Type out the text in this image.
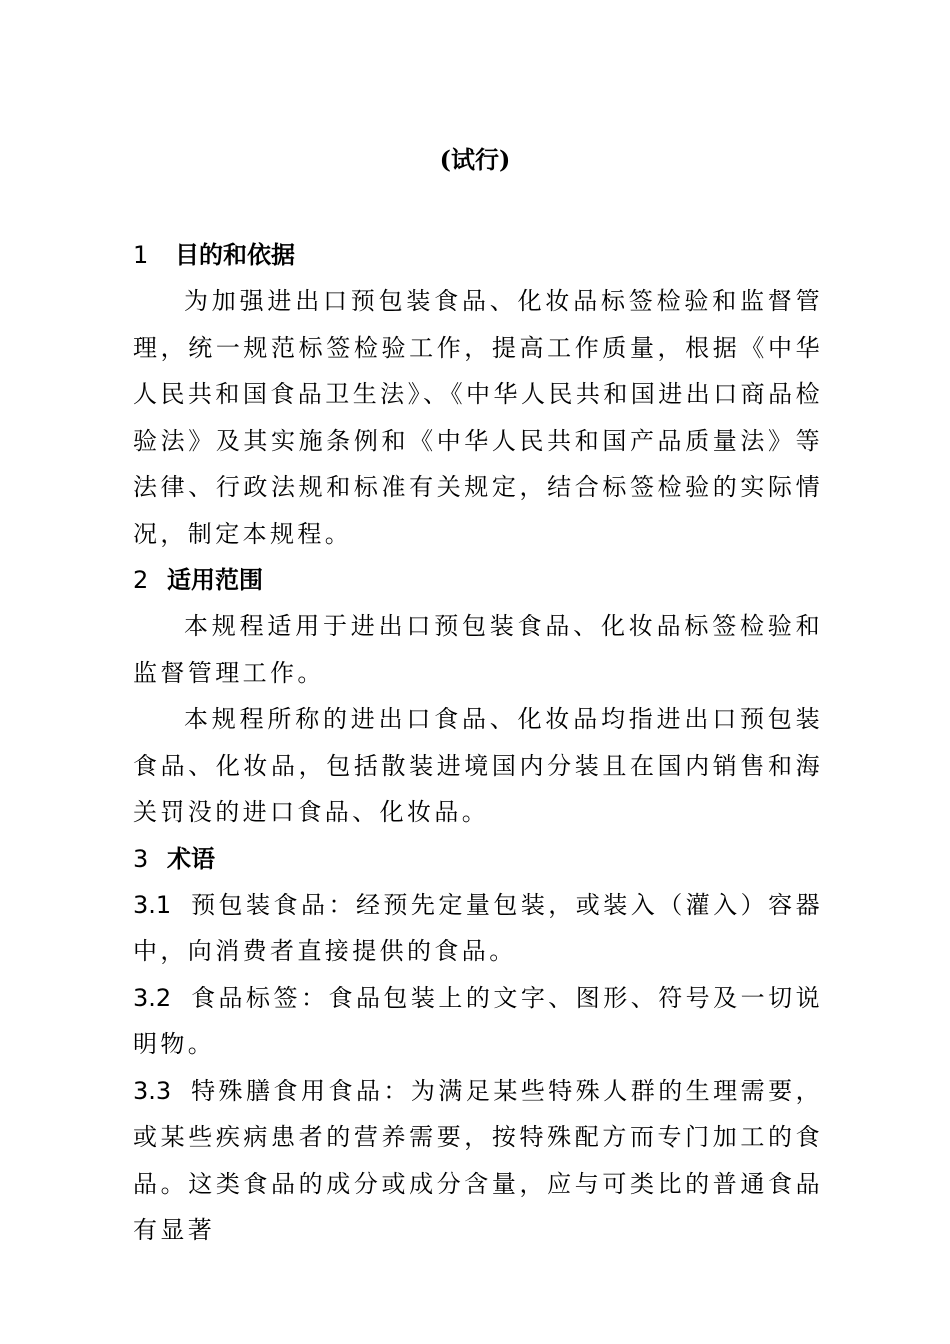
(试行)
1 目的和依据

为加强进出口预包装食品、化妆品标签检验和监督管理，统一规范标签检验工作，提高工作质量，根据《中华人民共和国食品卫生法》、《中华人民共和国进出口商品检验法》及其实施条例和《中华人民共和国产品质量法》等法律、行政法规和标准有关规定，结合标签检验的实际情况，制定本规程。

2 适用范围

本规程适用于进出口预包装食品、化妆品标签检验和监督管理工作。

本规程所称的进出口食品、化妆品均指进出口预包装食品、化妆品，包括散装进境国内分装且在国内销售和海关罚没的进口食品、化妆品。

3 术语

3.1 预包装食品：经预先定量包装，或装入（灌入）容器中，向消费者直接提供的食品。

3.2 食品标签：食品包装上的文字、图形、符号及一切说明物。

3.3 特殊膳食用食品：为满足某些特殊人群的生理需要，或某些疾病患者的营养需要，按特殊配方而专门加工的食品。这类食品的成分或成分含量，应与可类比的普通食品有显著
